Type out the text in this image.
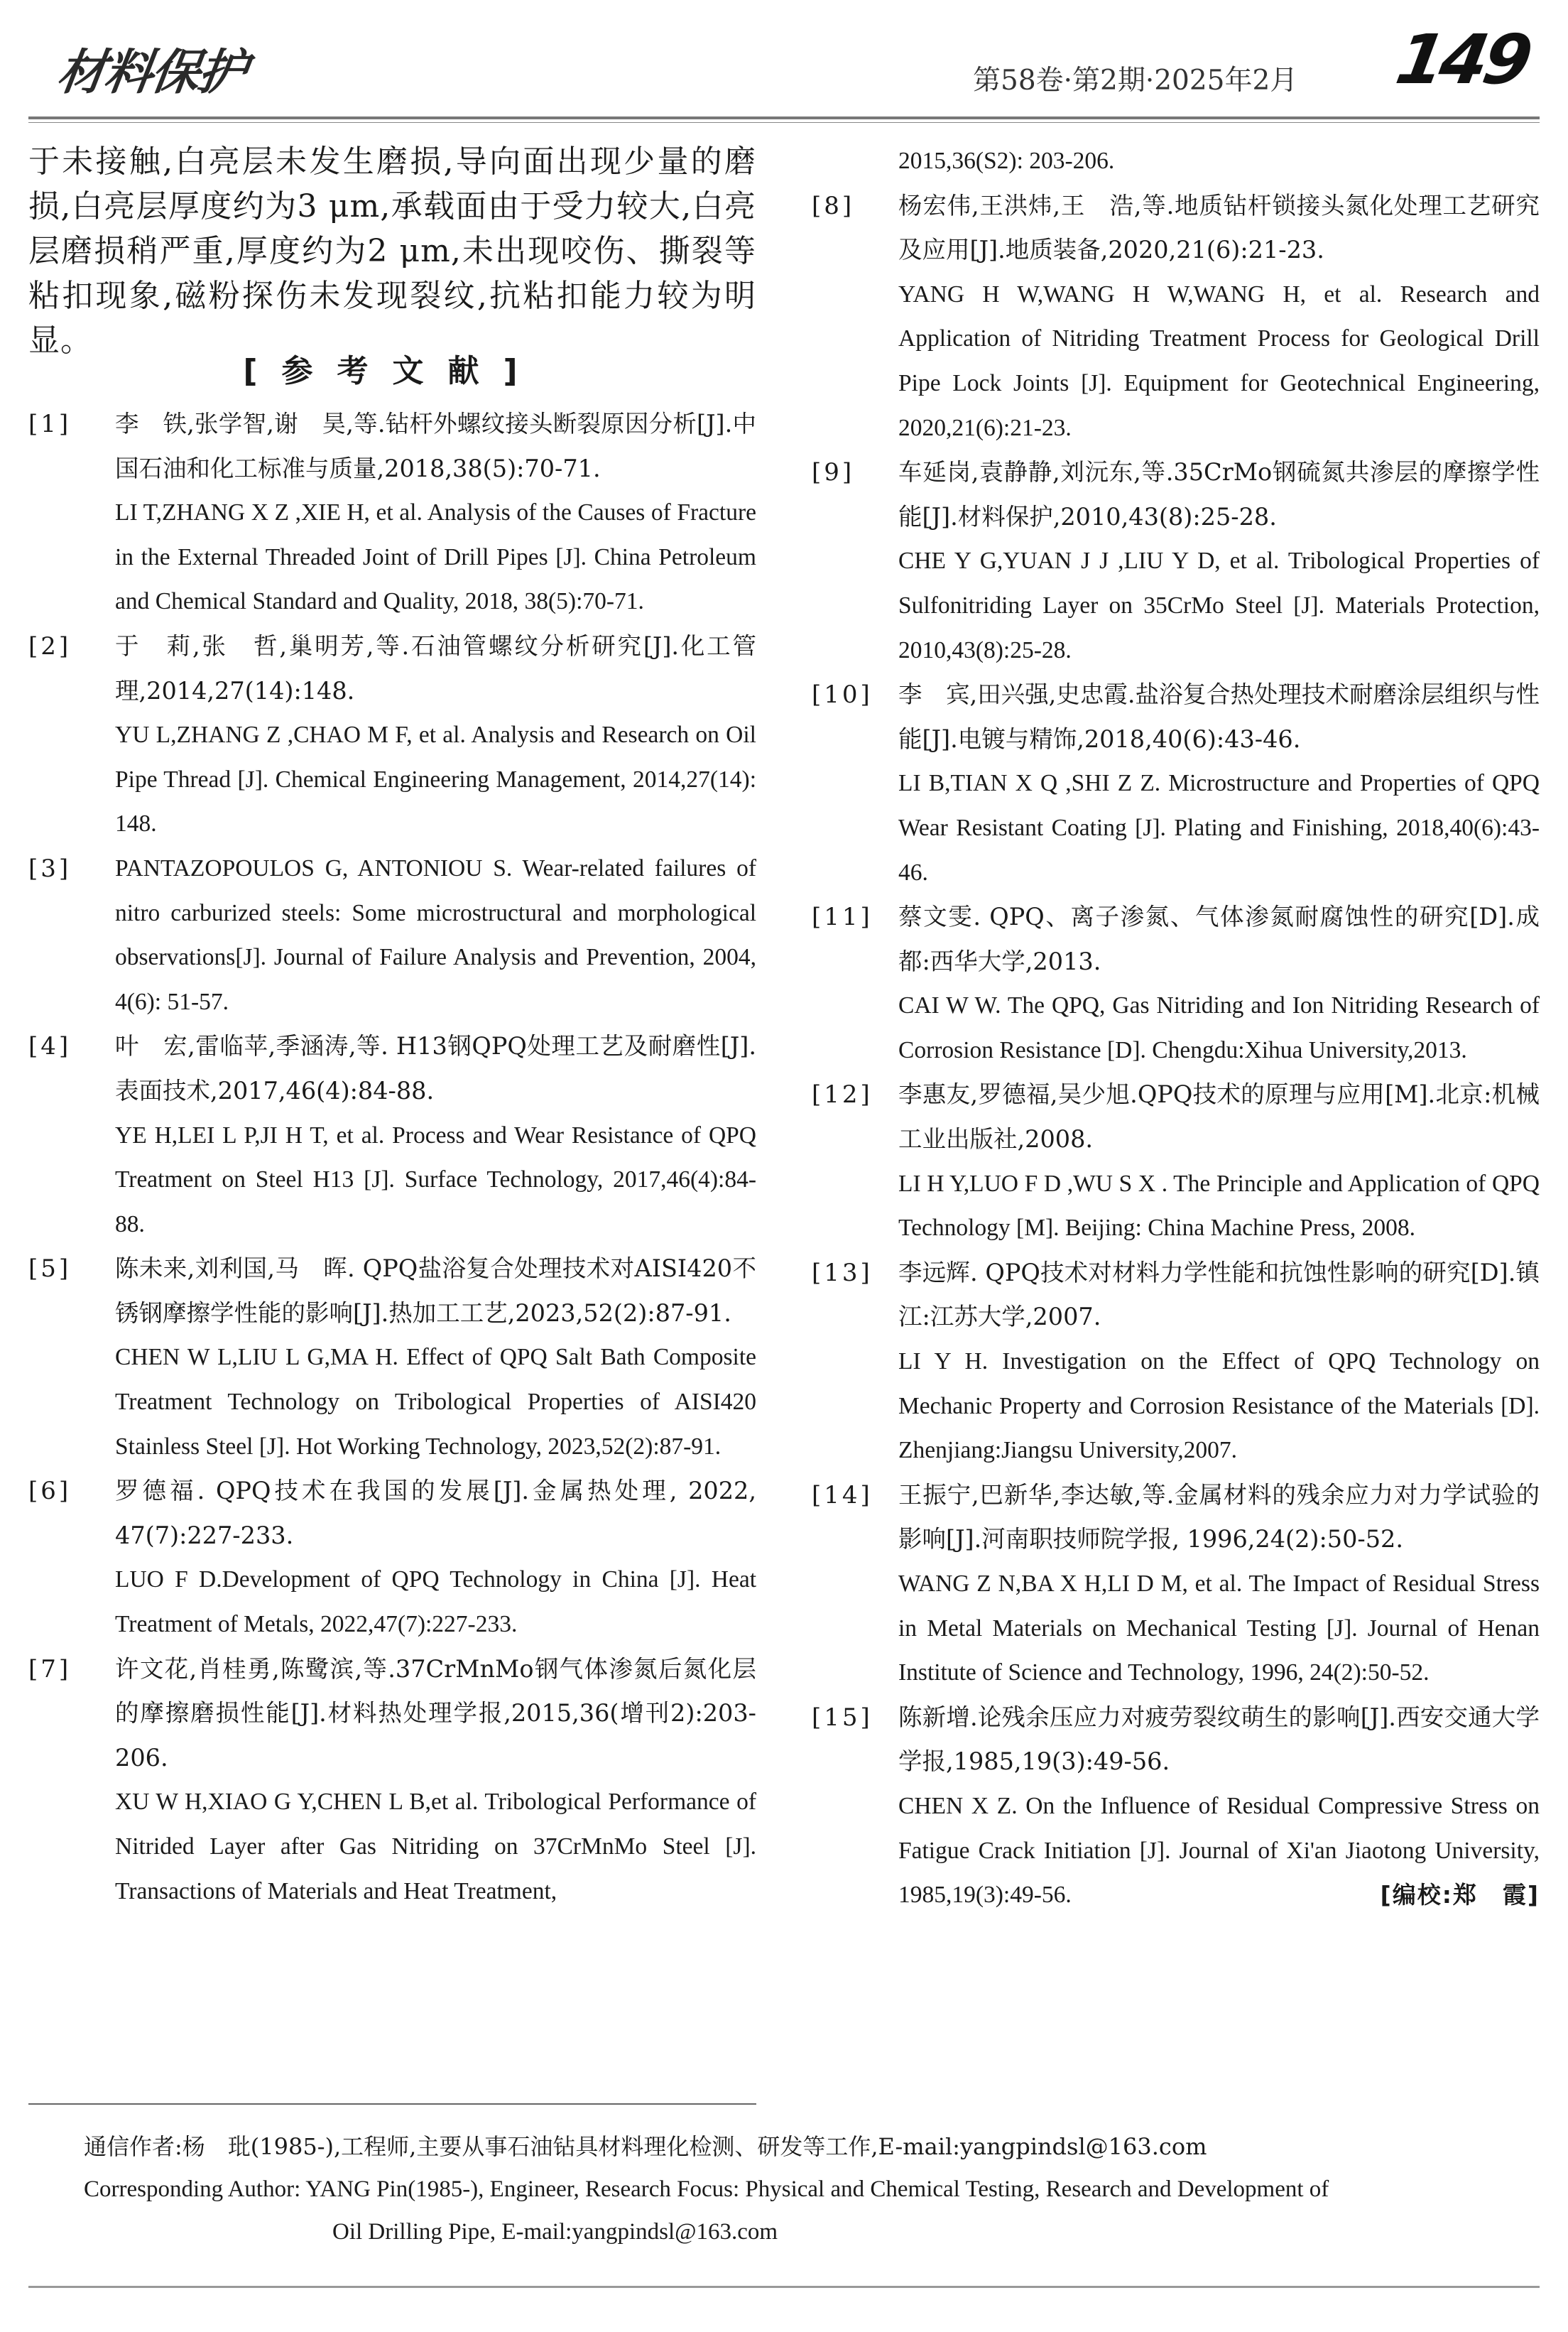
材料保护	第58卷·第2期·2025年2月 149
于未接触,白亮层未发生磨损,导向面出现少量的磨损,白亮层厚度约为3 μm,承载面由于受力较大,白亮层磨损稍严重,厚度约为2 μm,未出现咬伤、撕裂等粘扣现象,磁粉探伤未发现裂纹,抗粘扣能力较为明显。
[参考文献]
[1] 李　铁,张学智,谢　昊,等.钻杆外螺纹接头断裂原因分析[J].中国石油和化工标准与质量,2018,38(5):70-71.
LI T,ZHANG X Z ,XIE H, et al. Analysis of the Causes of Fracture in the External Threaded Joint of Drill Pipes [J]. China Petroleum and Chemical Standard and Quality, 2018, 38(5):70-71.
[2] 于　莉,张　哲,巢明芳,等.石油管螺纹分析研究[J].化工管理,2014,27(14):148.
YU L,ZHANG Z ,CHAO M F, et al. Analysis and Research on Oil Pipe Thread [J]. Chemical Engineering Management, 2014,27(14): 148.
[3] PANTAZOPOULOS G, ANTONIOU S. Wear-related failures of nitro carburized steels: Some microstructural and morphological observations[J]. Journal of Failure Analysis and Prevention, 2004, 4(6): 51-57.
[4] 叶　宏,雷临苹,季涵涛,等. H13钢QPQ处理工艺及耐磨性[J].表面技术,2017,46(4):84-88.
YE H,LEI L P,JI H T, et al. Process and Wear Resistance of QPQ Treatment on Steel H13 [J]. Surface Technology, 2017,46(4):84-88.
[5] 陈未来,刘利国,马　晖. QPQ盐浴复合处理技术对AISI420不锈钢摩擦学性能的影响[J].热加工工艺,2023,52(2):87-91.
CHEN W L,LIU L G,MA H. Effect of QPQ Salt Bath Composite Treatment Technology on Tribological Properties of AISI420 Stainless Steel [J]. Hot Working Technology, 2023,52(2):87-91.
[6] 罗德福. QPQ技术在我国的发展[J].金属热处理, 2022, 47(7):227-233.
LUO F D.Development of QPQ Technology in China [J]. Heat Treatment of Metals, 2022,47(7):227-233.
[7] 许文花,肖桂勇,陈鹭滨,等.37CrMnMo钢气体渗氮后氮化层的摩擦磨损性能[J].材料热处理学报,2015,36(增刊2):203-206.
XU W H,XIAO G Y,CHEN L B,et al. Tribological Performance of Nitrided Layer after Gas Nitriding on 37CrMnMo Steel [J]. Transactions of Materials and Heat Treatment,
2015,36(S2): 203-206.
[8] 杨宏伟,王洪炜,王　浩,等.地质钻杆锁接头氮化处理工艺研究及应用[J].地质装备,2020,21(6):21-23.
YANG H W,WANG H W,WANG H, et al. Research and Application of Nitriding Treatment Process for Geological Drill Pipe Lock Joints [J]. Equipment for Geotechnical Engineering, 2020,21(6):21-23.
[9] 车延岗,袁静静,刘沅东,等.35CrMo钢硫氮共渗层的摩擦学性能[J].材料保护,2010,43(8):25-28.
CHE Y G,YUAN J J ,LIU Y D, et al. Tribological Properties of Sulfonitriding Layer on 35CrMo Steel [J]. Materials Protection, 2010,43(8):25-28.
[10] 李　宾,田兴强,史忠霞.盐浴复合热处理技术耐磨涂层组织与性能[J].电镀与精饰,2018,40(6):43-46.
LI B,TIAN X Q ,SHI Z Z. Microstructure and Properties of QPQ Wear Resistant Coating [J]. Plating and Finishing, 2018,40(6):43-46.
[11] 蔡文雯. QPQ、离子渗氮、气体渗氮耐腐蚀性的研究[D].成都:西华大学,2013.
CAI W W. The QPQ, Gas Nitriding and Ion Nitriding Research of Corrosion Resistance [D]. Chengdu:Xihua University,2013.
[12] 李惠友,罗德福,吴少旭.QPQ技术的原理与应用[M].北京:机械工业出版社,2008.
LI H Y,LUO F D ,WU S X . The Principle and Application of QPQ Technology [M]. Beijing: China Machine Press, 2008.
[13] 李远辉. QPQ技术对材料力学性能和抗蚀性影响的研究[D].镇江:江苏大学,2007.
LI Y H. Investigation on the Effect of QPQ Technology on Mechanic Property and Corrosion Resistance of the Materials [D]. Zhenjiang:Jiangsu University,2007.
[14] 王振宁,巴新华,李达敏,等.金属材料的残余应力对力学试验的影响[J].河南职技师院学报, 1996,24(2):50-52.
WANG Z N,BA X H,LI D M, et al. The Impact of Residual Stress in Metal Materials on Mechanical Testing [J]. Journal of Henan Institute of Science and Technology, 1996, 24(2):50-52.
[15] 陈新增.论残余压应力对疲劳裂纹萌生的影响[J].西安交通大学学报,1985,19(3):49-56.
CHEN X Z. On the Influence of Residual Compressive Stress on Fatigue Crack Initiation [J]. Journal of Xi'an Jiaotong University, 1985,19(3):49-56.	[编校:郑　霞]
通信作者:杨　玭(1985-),工程师,主要从事石油钻具材料理化检测、研发等工作,E-mail:yangpindsl@163.com
Corresponding Author: YANG Pin(1985-), Engineer, Research Focus: Physical and Chemical Testing, Research and Development of
Oil Drilling Pipe, E-mail:yangpindsl@163.com
